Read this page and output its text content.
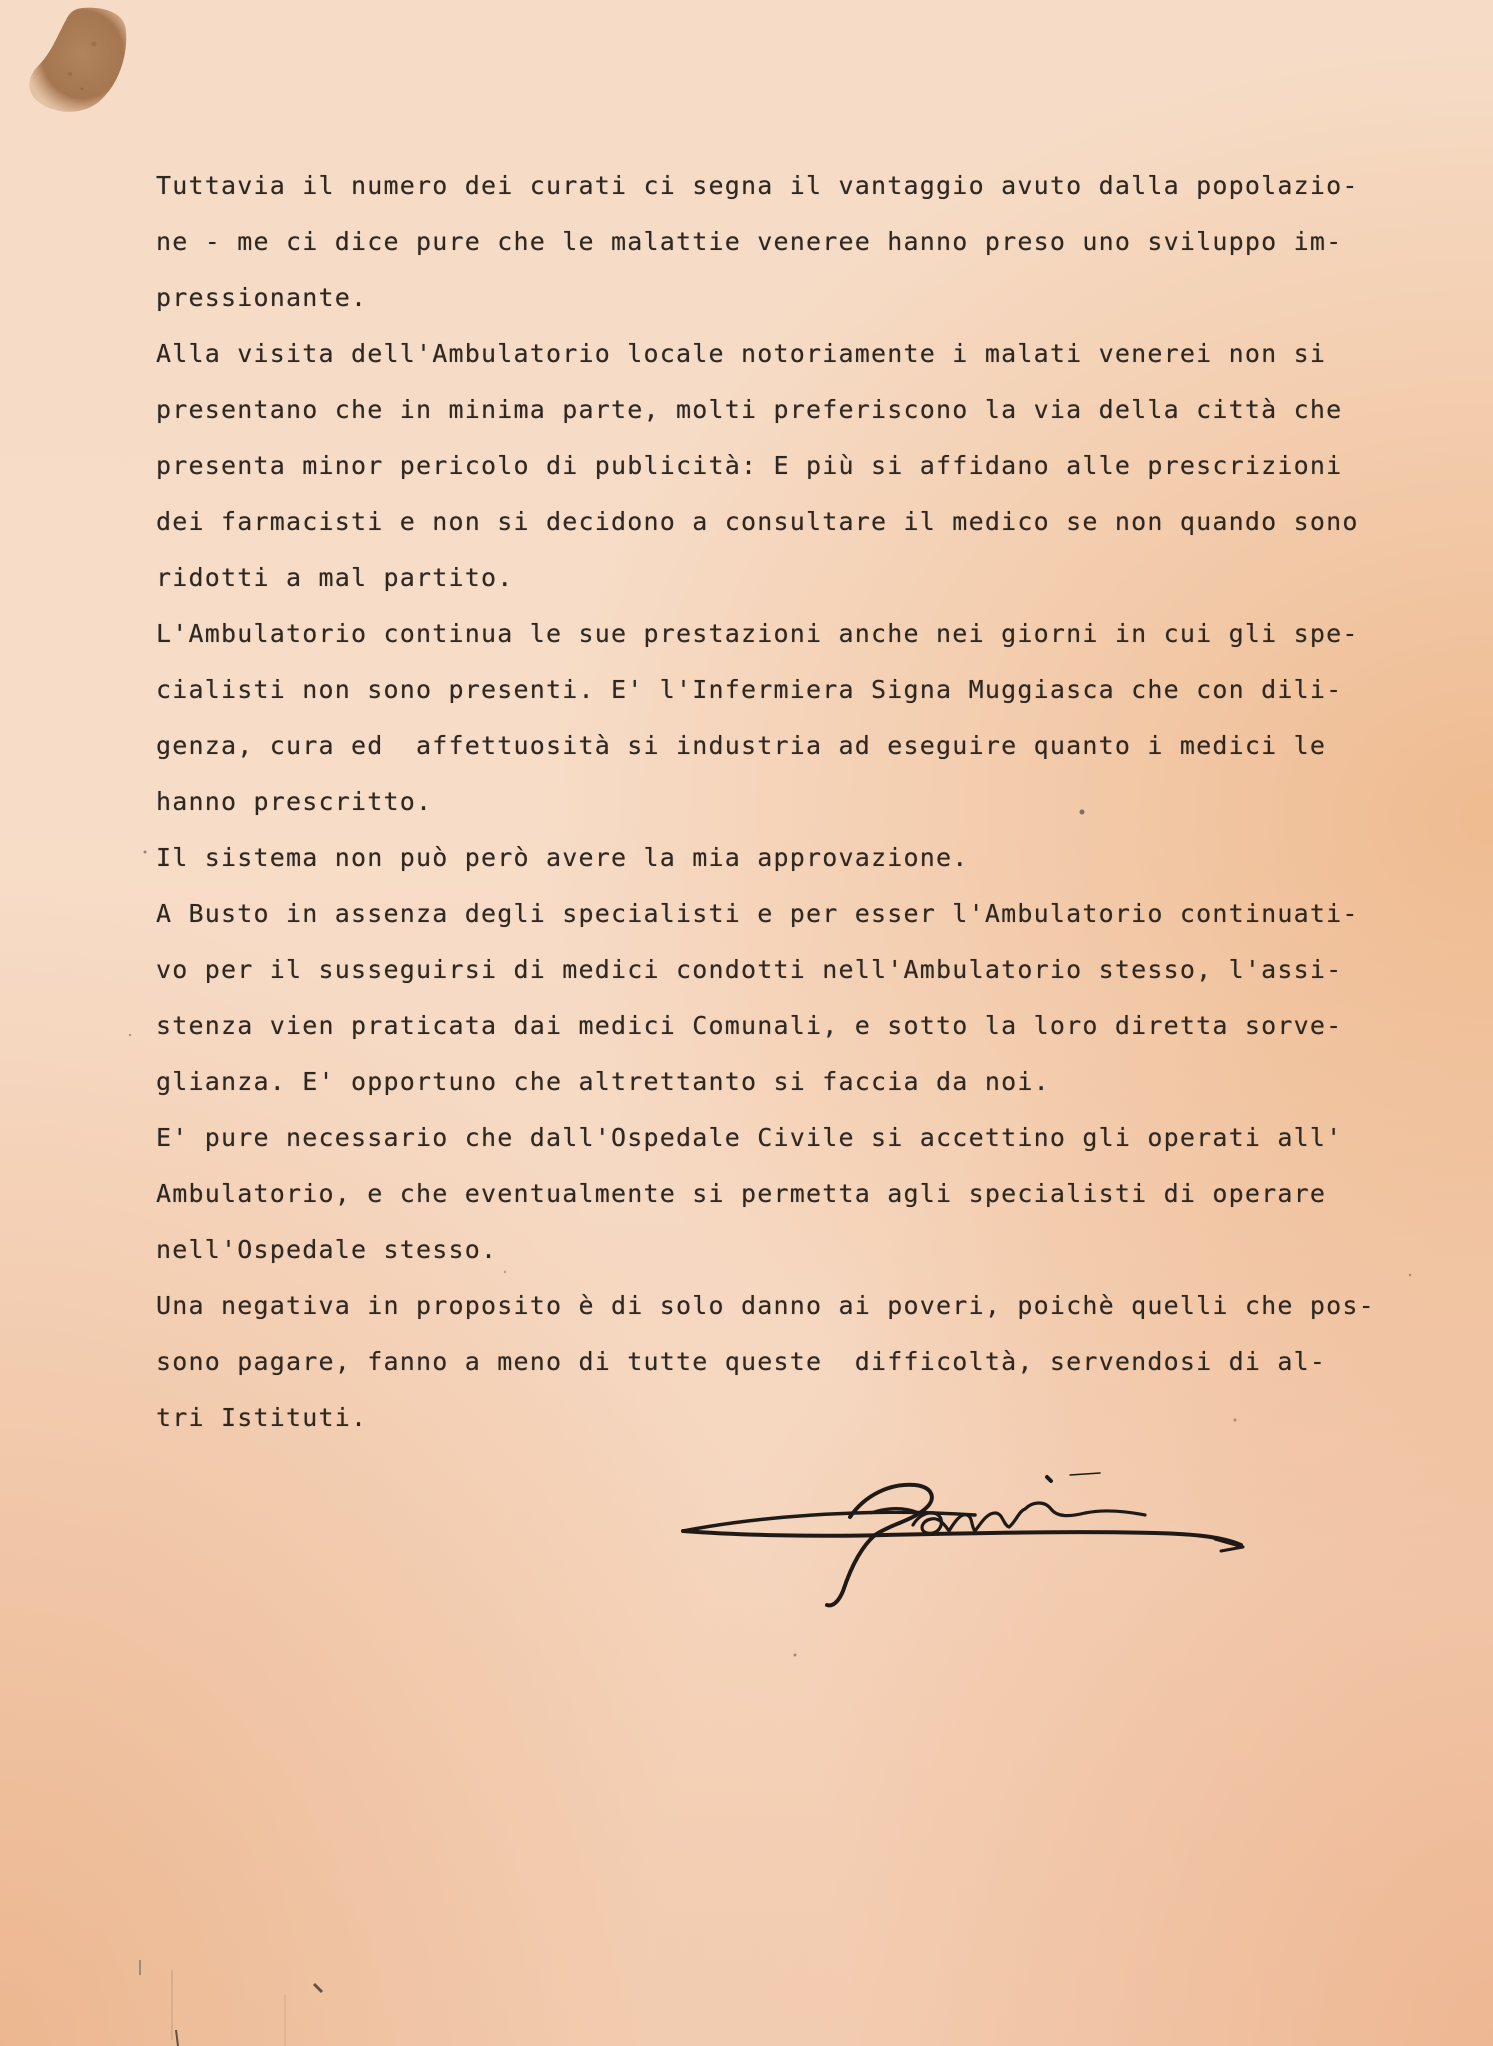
Tuttavia il numero dei curati ci segna il vantaggio avuto dalla popolazio-
ne - me ci dice pure che le malattie veneree hanno preso uno sviluppo im-
pressionante.
Alla visita dell'Ambulatorio locale notoriamente i malati venerei non si
presentano che in minima parte, molti preferiscono la via della città che
presenta minor pericolo di publicità: E più si affidano alle prescrizioni
dei farmacisti e non si decidono a consultare il medico se non quando sono
ridotti a mal partito.
L'Ambulatorio continua le sue prestazioni anche nei giorni in cui gli spe-
cialisti non sono presenti. E' l'Infermiera Signa Muggiasca che con dili-
genza, cura ed  affettuosità si industria ad eseguire quanto i medici le
hanno prescritto.
Il sistema non può però avere la mia approvazione.
A Busto in assenza degli specialisti e per esser l'Ambulatorio continuati-
vo per il susseguirsi di medici condotti nell'Ambulatorio stesso, l'assi-
stenza vien praticata dai medici Comunali, e sotto la loro diretta sorve-
glianza. E' opportuno che altrettanto si faccia da noi.
E' pure necessario che dall'Ospedale Civile si accettino gli operati all'
Ambulatorio, e che eventualmente si permetta agli specialisti di operare
nell'Ospedale stesso.
Una negativa in proposito è di solo danno ai poveri, poichè quelli che pos-
sono pagare, fanno a meno di tutte queste  difficoltà, servendosi di al-
tri Istituti.
